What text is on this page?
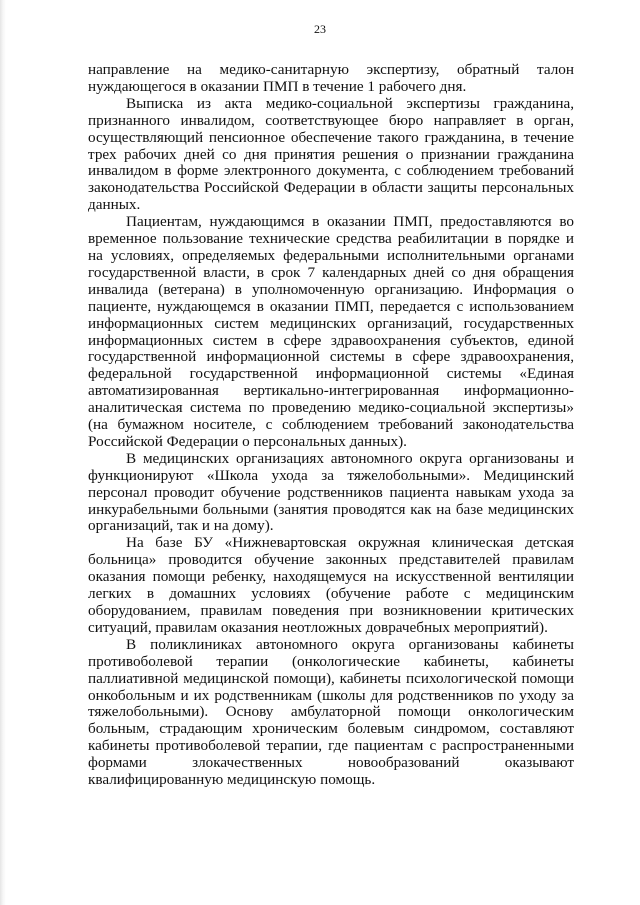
23

направление на медико-санитарную экспертизу, обратный талон нуждающегося в оказании ПМП в течение 1 рабочего дня.

Выписка из акта медико-социальной экспертизы гражданина, признанного инвалидом, соответствующее бюро направляет в орган, осуществляющий пенсионное обеспечение такого гражданина, в течение трех рабочих дней со дня принятия решения о признании гражданина инвалидом в форме электронного документа, с соблюдением требований законодательства Российской Федерации в области защиты персональных данных.

Пациентам, нуждающимся в оказании ПМП, предоставляются во временное пользование технические средства реабилитации в порядке и на условиях, определяемых федеральными исполнительными органами государственной власти, в срок 7 календарных дней со дня обращения инвалида (ветерана) в уполномоченную организацию. Информация о пациенте, нуждающемся в оказании ПМП, передается с использованием информационных систем медицинских организаций, государственных информационных систем в сфере здравоохранения субъектов, единой государственной информационной системы в сфере здравоохранения, федеральной государственной информационной системы «Единая автоматизированная вертикально-интегрированная информационно-аналитическая система по проведению медико-социальной экспертизы» (на бумажном носителе, с соблюдением требований законодательства Российской Федерации о персональных данных).

В медицинских организациях автономного округа организованы и функционируют «Школа ухода за тяжелобольными». Медицинский персонал проводит обучение родственников пациента навыкам ухода за инкурабельными больными (занятия проводятся как на базе медицинских организаций, так и на дому).

На базе БУ «Нижневартовская окружная клиническая детская больница» проводится обучение законных представителей правилам оказания помощи ребенку, находящемуся на искусственной вентиляции легких в домашних условиях (обучение работе с медицинским оборудованием, правилам поведения при возникновении критических ситуаций, правилам оказания неотложных доврачебных мероприятий).

В поликлиниках автономного округа организованы кабинеты противоболевой терапии (онкологические кабинеты, кабинеты паллиативной медицинской помощи), кабинеты психологической помощи онкобольным и их родственникам (школы для родственников по уходу за тяжелобольными). Основу амбулаторной помощи онкологическим больным, страдающим хроническим болевым синдромом, составляют кабинеты противоболевой терапии, где пациентам с распространенными формами злокачественных новообразований оказывают квалифицированную медицинскую помощь.
